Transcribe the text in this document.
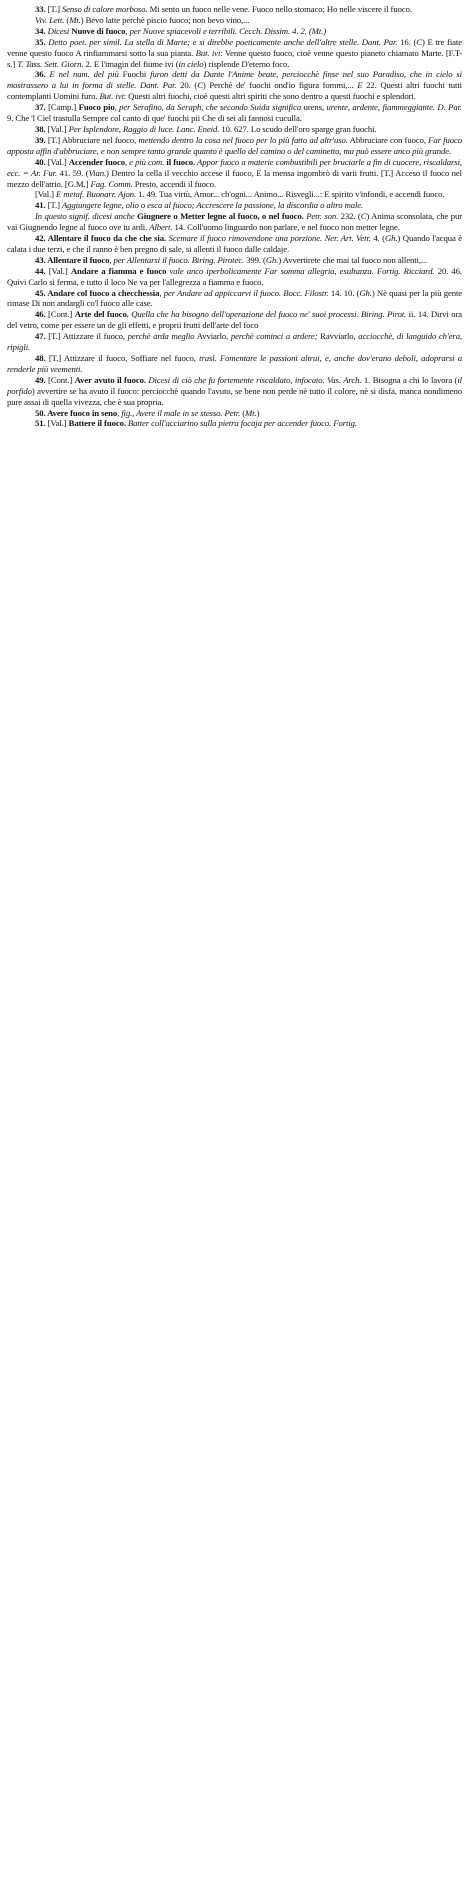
33. [T.] Senso di calore morboso. Mi sento un fuoco nelle vene. Fuoco nello stomaco; Ho nelle viscere il fuoco.

Viv. Lett. (Mt.) Bevo latte perchè piscio fuoco; non bevo vino,...

34. Dicesi Nuove di fuoco, per Nuove spiacevoli e terribili. Cecch. Dissim. 4. 2. (Mt.)

35. Detto poet. per simil. La stella di Marte; e si direbbe poeticamente anche dell'altre stelle. Dant. Par. 16. (C) E tre fiate venne questo fuoco A rinfiammarsi sotto la sua pianta. But. ivi: Venne questo fuoco, cioè venne questo pianeto chiamato Marte. [F.T-s.] T. Tass. Sett. Giorn. 2. E l'imagin del fiume ivi (in cielo) risplende D'eterno foco.

36. E nel num. del più Fuochi furon detti da Dante l'Anime beate, perciocchè finse nel suo Paradiso, che in cielo si mostrassero a lui in forma di stelle. Dant. Par. 20. (C) Perchè de' fuochi ond'io figura fommi,... E 22. Questi altri fuochi tutti contemplanti Uomini furo. But. ivi: Questi altri fuochi, cioè questi altri spiriti che sono dentro a questi fuochi e splendori.

37. [Camp.] Fuoco pio, per Serafino, da Seraph, che secondo Suida significa urens, urente, ardente, fiammeggiante. D. Par. 9. Che 'l Ciel trastulla Sempre col canto di que' fuochi pii Che di sei ali fannosi cuculla.

38. [Val.] Per Isplendore, Raggio di luce. Lanc. Eneid. 10. 627. Lo scudo dell'oro sparge gran fuochi.

39. [T.] Abbruciare nel fuoco, mettendo dentro la cosa nel fuoco per lo più fatto ad altr'uso. Abbruciare con fuoco, Far fuoco apposta affin d'abbruciare, e non sempre tanto grande quanto è quello del camino o del caminetto, ma può essere anco più grande.

40. [Val.] Accender fuoco, e più com. il fuoco. Appor fuoco a materie combustibili per bruciarle a fin di cuocere, riscaldarsi, ecc. = Ar. Fur. 41. 59. (Vian.) Dentro la cella il vecchio accese il fuoco, E la mensa ingombrò di varii frutti. [T.] Acceso il fuoco nel mezzo dell'atrio. [G.M.] Fag. Comm. Presto, accendi il fuoco.

[Val.] E metaf. Buonarr. Ajon. 1. 49. Tua virtù, Amor... ch'ogni... Animo... Risvegli...: E spirito v'infondi, e accendi fuoco.

41. [T.] Aggiungere legne, olio o esca al fuoco; Accrescere la passione, la discordia o altro male.

In questo signif. dicesi anche Giugnere o Metter legne al fuoco, o nel fuoco. Petr. son. 232. (C) Anima sconsolata, che pur vai Giugnendo legne al fuoco ove tu ardi. Albert. 14. Coll'uomo linguardo non parlare, e nel fuoco non metter legne.

42. Allentare il fuoco da che che sia. Scemare il fuoco rimovendone una porzione. Ner. Art. Vetr. 4. (Gh.) Quando l'acqua è calata i due terzi, e che il ranno è ben pregno di sale, si allenti il fuoco dalle caldaje.

43. Allentare il fuoco, per Allentarsi il fuoco. Biring. Pirotec. 399. (Gh.) Avvertirete che mai tal fuoco non allenti,...

44. [Val.] Andare a fiamma e fuoco vale anco iperbolicamente Far somma allegria, esultanza. Fortig. Ricciard. 20. 46. Quivi Carlo si ferma, e tutto il loco Ne va per l'allegrezza a fiamma e fuoco.

45. Andare col fuoco a checchessia, per Andare ad appiccarvi il fuoco. Bocc. Filostr. 14. 10. (Gh.) Nè quasi per la più gente rimase Di non andargli co'l fuoco alle case.

46. [Cont.] Arte del fuoco. Quella che ha bisogno dell'operazione del fuoco ne' suoi processi. Biring. Pirot. ii. 14. Dirvi ora del vetro, come per essere un de gli effetti, e proprii frutti dell'arte del foco

47. [T.] Attizzare il fuoco, perchè arda meglio Avviarlo, perchè cominci a ardere; Ravviarlo, acciocchè, di languido ch'era, ripigli.

48. [T.] Attizzare il fuoco, Soffiare nel fuoco, trasl. Fomentare le passioni altrui, e, anche dov'erano deboli, adoprarsi a renderle più veementi.

49. [Cont.] Aver avuto il fuoco. Dicesi di ciò che fu fortemente riscaldato, infocato. Vas. Arch. 1. Bisogna a chi lo lavora (il porfido) avvertire se ha avuto il fuoco: perciocchè quando l'avuto, se bene non perde nè tutto il colore, nè si disfa, manca nondimeno pure assai di quella vivezza, che è sua propria.

50. Avere fuoco in seno, fig., Avere il male in se stesso. Petr. (Mt.)

51. [Val.] Battere il fuoco. Batter coll'acciarino sulla pietra focaja per accender fuoco. Fortig.
